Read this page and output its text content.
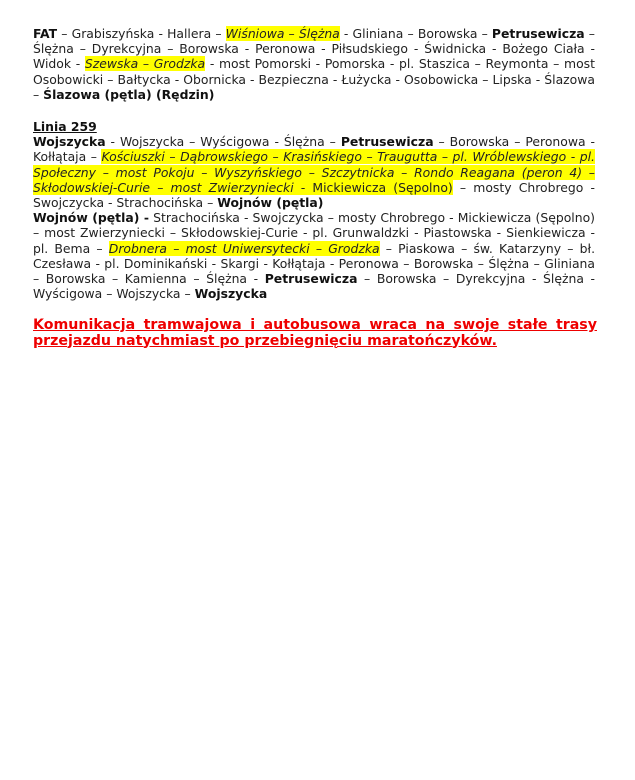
FAT – Grabiszyńska - Hallera – Wiśniowa – Ślężna - Gliniana – Borowska – Petrusewicza – Ślężna – Dyrekcyjna – Borowska - Peronowa - Piłsudskiego - Świdnicka - Bożego Ciała - Widok - Szewska – Grodzka - most Pomorski - Pomorska - pl. Staszica – Reymonta – most Osobowicki – Bałtycka - Obornicka - Bezpieczna - Łużycka - Osobowicka – Lipska - Ślazowa – Ślazowa (pętla) (Rędzin)
Linia 259
Wojszycka - Wojszycka – Wyścigowa - Ślężna – Petrusewicza – Borowska – Peronowa - Kołłątaja – Kościuszki – Dąbrowskiego – Krasińskiego – Traugutta – pl. Wróblewskiego - pl. Społeczny – most Pokoju – Wyszyńskiego – Szczytnicka – Rondo Reagana (peron 4) – Skłodowskiej-Curie – most Zwierzyniecki - Mickiewicza (Sępolno) – mosty Chrobrego - Swojczycka - Strachocińska – Wojnów (pętla)
Wojnów (pętla) - Strachocińska - Swojczycka – mosty Chrobrego - Mickiewicza (Sępolno) – most Zwierzyniecki – Skłodowskiej-Curie - pl. Grunwaldzki - Piastowska - Sienkiewicza - pl. Bema – Drobnera – most Uniwersytecki – Grodzka – Piaskowa – św. Katarzyny – bł. Czesława - pl. Dominikański - Skargi - Kołłątaja - Peronowa – Borowska – Ślężna – Gliniana – Borowska – Kamienna – Ślężna - Petrusewicza – Borowska – Dyrekcyjna - Ślężna - Wyścigowa – Wojszycka – Wojszycka
Komunikacja tramwajowa i autobusowa wraca na swoje stałe trasy przejazdu natychmiast po przebiegnięciu maratończyków.
